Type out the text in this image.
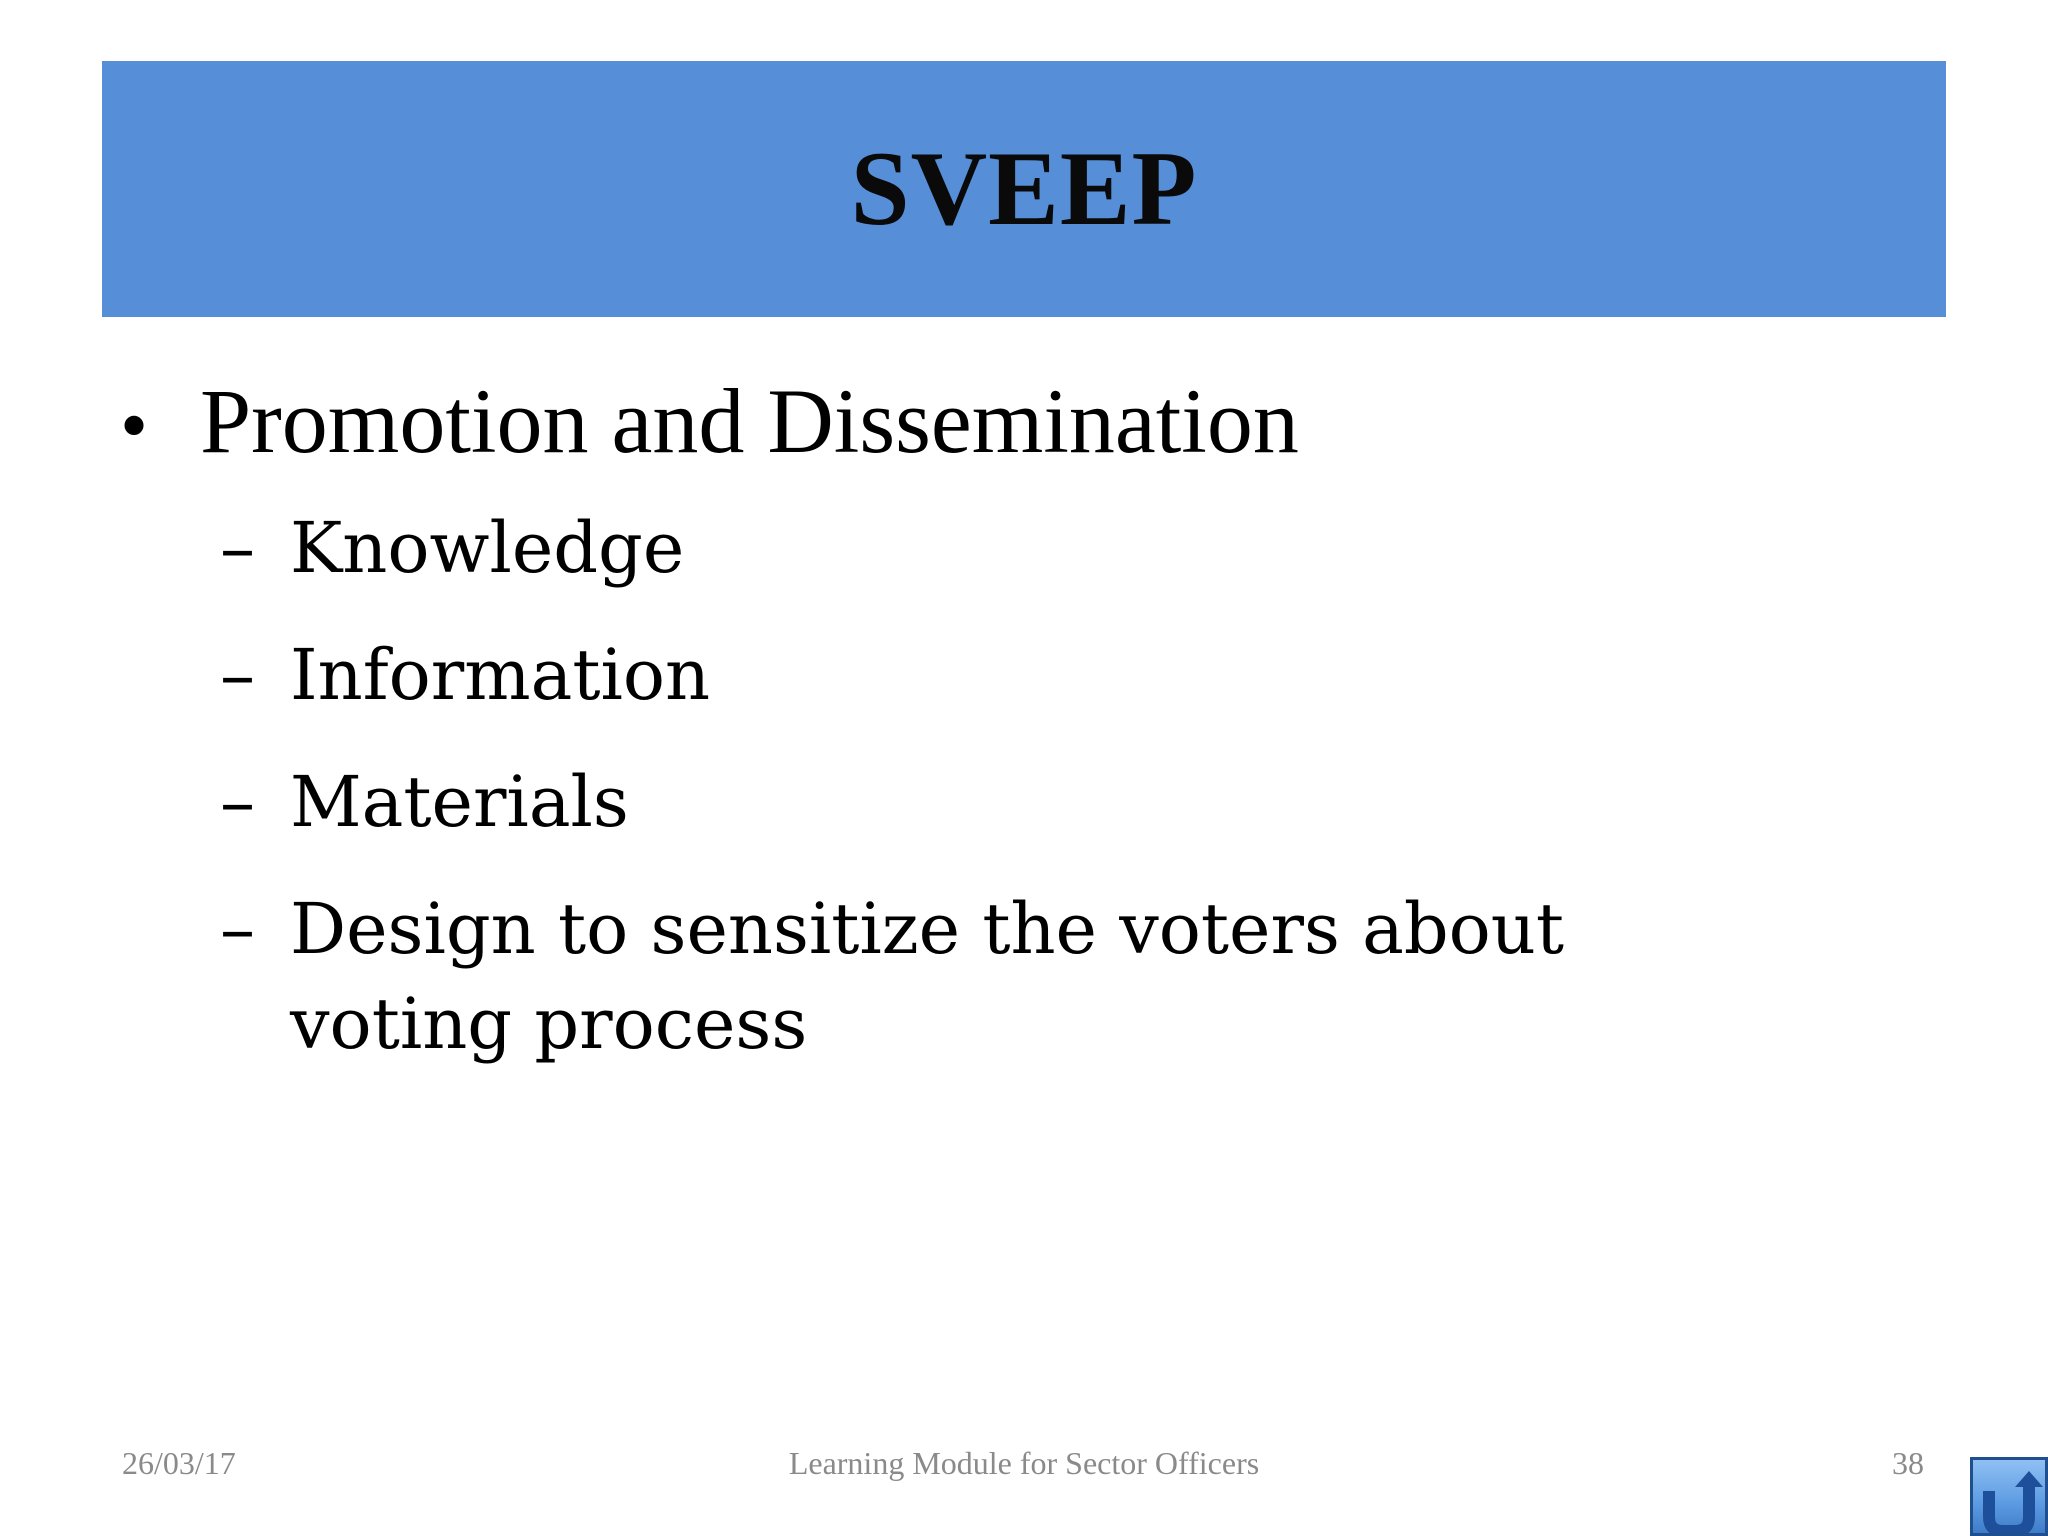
SVEEP
• Promotion and Dissemination
– Knowledge
– Information
– Materials
– Design to sensitize the voters about voting process
26/03/17	Learning Module for Sector Officers	38
